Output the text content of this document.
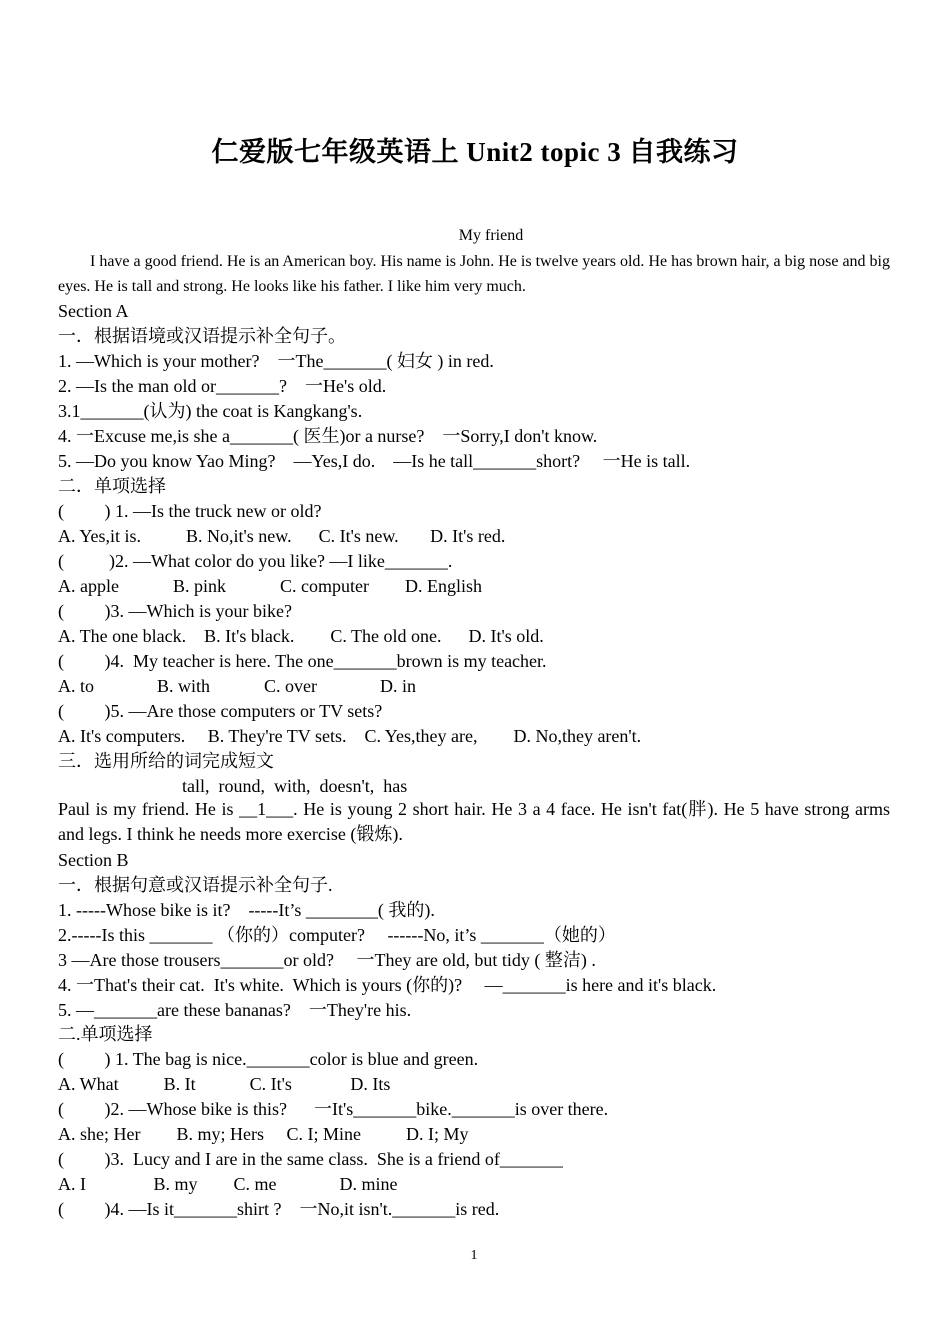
仁爱版七年级英语上 Unit2 topic 3 自我练习
My friend
I have a good friend. He is an American boy. His name is John. He is twelve years old. He has brown hair, a big nose and big eyes. He is tall and strong. He looks like his father. I like him very much.
Section A
一．根据语境或汉语提示补全句子。
1. —Which is your mother?    一The_______( 妇女 ) in red.
2. —Is the man old or_______?    一He's old.
3.1_______(认为) the coat is Kangkang's.
4. 一Excuse me,is she a_______( 医生)or a nurse?    一Sorry,I don't know.
5. —Do you know Yao Ming?    —Yes,I do.    —Is he tall_______short?     一He is tall.
二．单项选择
(         ) 1. —Is the truck new or old?
A. Yes,it is.          B. No,it's new.      C. It's new.       D. It's red.
(          )2. —What color do you like? —I like_______.
A. apple            B. pink            C. computer        D. English
(         )3. —Which is your bike?
A. The one black.    B. It's black.        C. The old one.      D. It's old.
(         )4.  My teacher is here. The one_______brown is my teacher.
A. to              B. with            C. over              D. in
(         )5. —Are those computers or TV sets?
A. It's computers.     B. They're TV sets.    C. Yes,they are,        D. No,they aren't.
三．选用所给的词完成短文
tall,  round,  with,  doesn't,  has
Paul is my friend. He is __1___. He is young 2 short hair. He 3 a 4 face. He isn't fat(胖). He 5 have strong arms and legs. I think he needs more exercise (锻炼).
Section B
一．根据句意或汉语提示补全句子.
1. -----Whose bike is it?    -----It’s ________( 我的).
2.-----Is this _______ （你的）computer?     ------No, it’s _______（她的）
3 —Are those trousers_______or old?     一They are old, but tidy ( 整洁) .
4. 一That's their cat.  It's white.  Which is yours (你的)?     —_______is here and it's black.
5. —_______are these bananas?    一They're his.
二.单项选择
(         ) 1. The bag is nice._______color is blue and green.
A. What          B. It            C. It's             D. Its
(         )2. —Whose bike is this?      一It's_______bike._______is over there.
A. she; Her        B. my; Hers     C. I; Mine          D. I; My
(         )3.  Lucy and I are in the same class.  She is a friend of_______
A. I               B. my        C. me              D. mine
(         )4. —Is it_______shirt ?    一No,it isn't._______is red.
1
